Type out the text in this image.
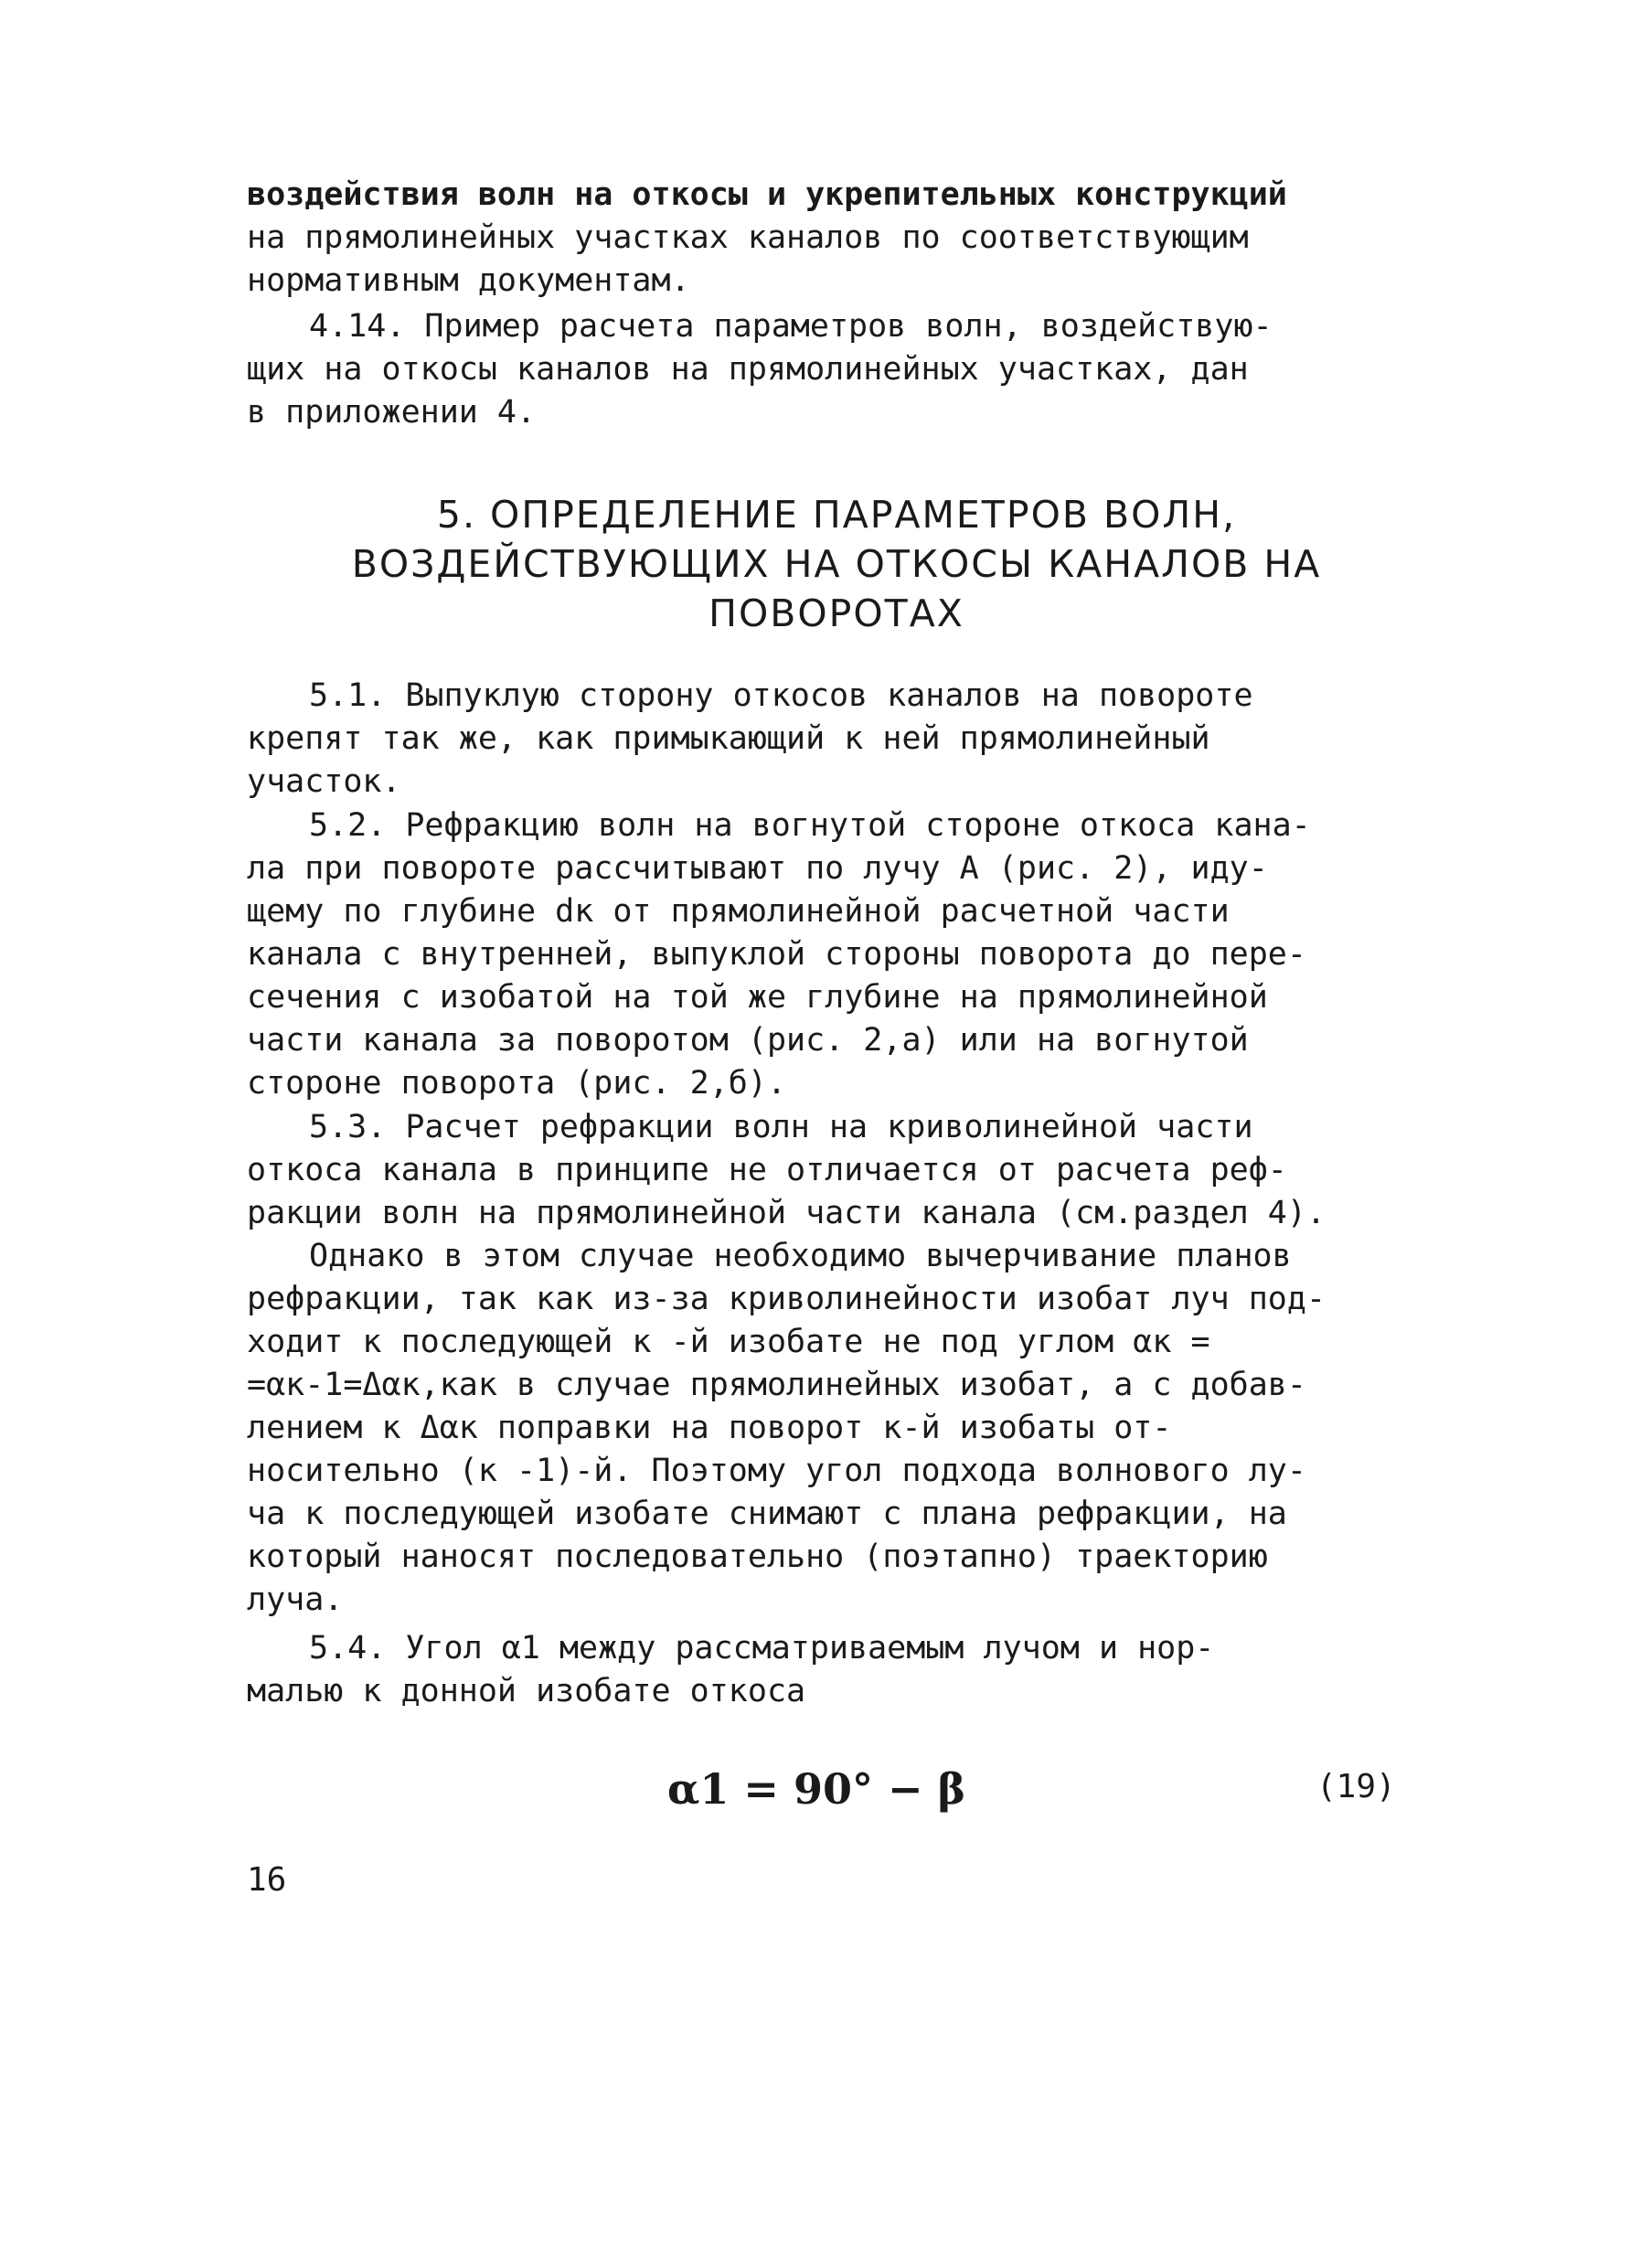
воздействия волн на откосы и укрепительных конструкций
на прямолинейных участках каналов по соответствующим
нормативным документам.
4.14. Пример расчета параметров волн, воздействую-
щих на откосы каналов на прямолинейных участках, дан
в приложении 4.
5. ОПРЕДЕЛЕНИЕ ПАРАМЕТРОВ ВОЛН,
ВОЗДЕЙСТВУЮЩИХ НА ОТКОСЫ КАНАЛОВ НА
ПОВОРОТАХ
5.1. Выпуклую сторону откосов каналов на повороте
крепят так же, как примыкающий к ней прямолинейный
участок.
5.2. Рефракцию волн на вогнутой стороне откоса кана-
ла при повороте рассчитывают по лучу А (рис. 2), иду-
щему по глубине dк от прямолинейной расчетной части
канала с внутренней, выпуклой стороны поворота до пере-
сечения с изобатой на той же глубине на прямолинейной
части канала за поворотом (рис. 2,а) или на вогнутой
стороне поворота (рис. 2,б).
5.3. Расчет рефракции волн на криволинейной части
откоса канала в принципе не отличается от расчета реф-
ракции волн на прямолинейной части канала (см.раздел 4).
Однако в этом случае необходимо вычерчивание планов
рефракции, так как из-за криволинейности изобат луч под-
ходит к последующей к -й изобате не под углом αк =
=αк-1=Δαк,как в случае прямолинейных изобат, а с добав-
лением к Δαк поправки на поворот к-й изобаты от-
носительно (к -1)-й. Поэтому угол подхода волнового лу-
ча к последующей изобате снимают с плана рефракции, на
который наносят последовательно (поэтапно) траекторию
луча.
5.4. Угол α1 между рассматриваемым лучом и нор-
малью к донной изобате откоса
α1 = 90° − β	(19)
16
